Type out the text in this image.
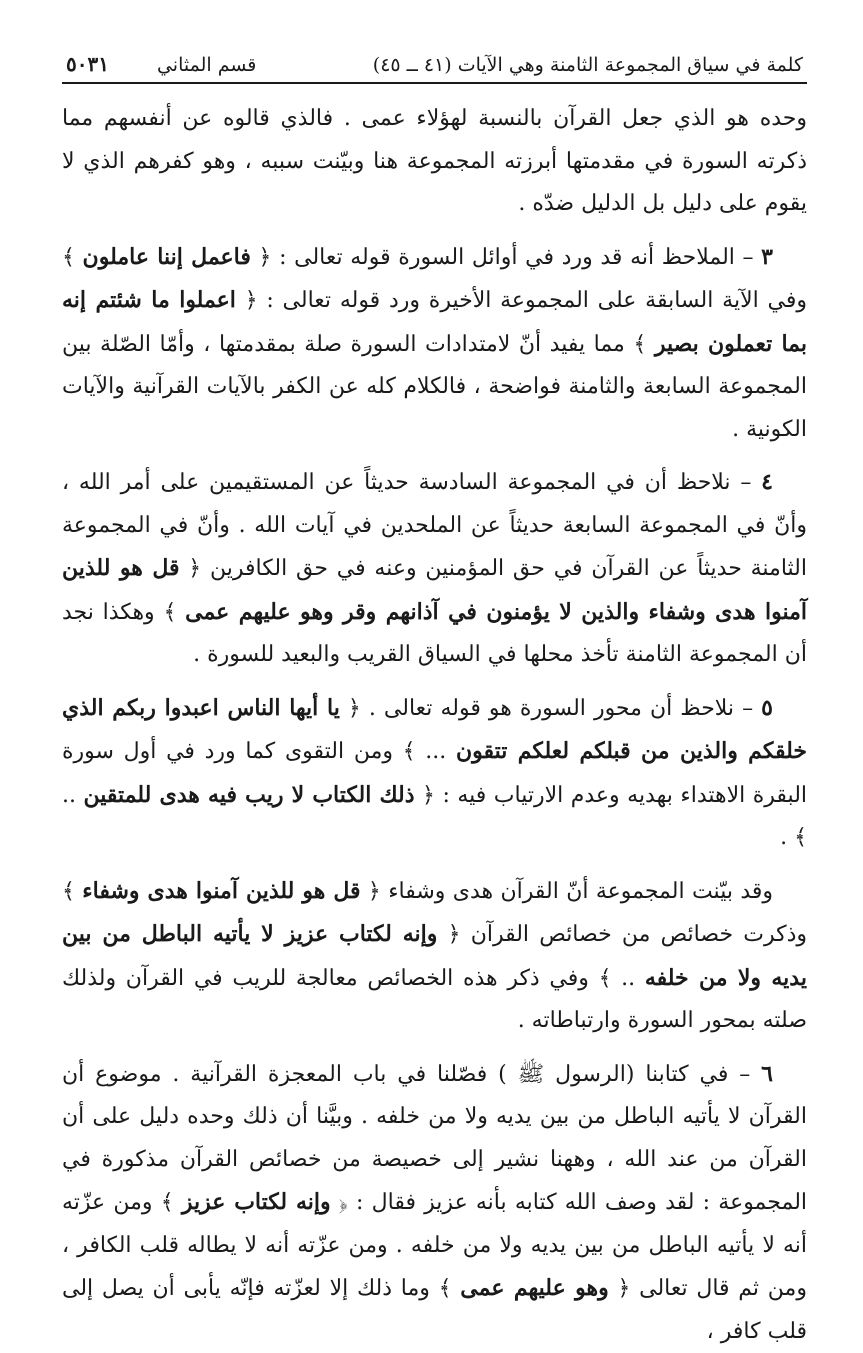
كلمة في سياق المجموعة الثامنة وهي الآيات (٤١ ــ ٤٥)
قسم المثاني
٥٠٣١

وحده هو الذي جعل القرآن بالنسبة لهؤلاء عمى . فالذي قالوه عن أنفسهم مما ذكرته السورة في مقدمتها أبرزته المجموعة هنا وبيّنت سببه ، وهو كفرهم الذي لا يقوم على دليل بل الدليل ضدّه .

٣ – الملاحظ أنه قد ورد في أوائل السورة قوله تعالى : ﴿ فاعمل إننا عاملون ﴾ وفي الآية السابقة على المجموعة الأخيرة ورد قوله تعالى : ﴿ اعملوا ما شئتم إنه بما تعملون بصير ﴾ مما يفيد أنّ لامتدادات السورة صلة بمقدمتها ، وأمّا الصّلة بين المجموعة السابعة والثامنة فواضحة ، فالكلام كله عن الكفر بالآيات القرآنية والآيات الكونية .

٤ – نلاحظ أن في المجموعة السادسة حديثاً عن المستقيمين على أمر الله ، وأنّ في المجموعة السابعة حديثاً عن الملحدين في آيات الله . وأنّ في المجموعة الثامنة حديثاً عن القرآن في حق المؤمنين وعنه في حق الكافرين ﴿ قل هو للذين آمنوا هدى وشفاء والذين لا يؤمنون في آذانهم وقر وهو عليهم عمى ﴾ وهكذا نجد أن المجموعة الثامنة تأخذ محلها في السياق القريب والبعيد للسورة .

٥ – نلاحظ أن محور السورة هو قوله تعالى . ﴿ يا أيها الناس اعبدوا ربكم الذي خلقكم والذين من قبلكم لعلكم تتقون ... ﴾ ومن التقوى كما ورد في أول سورة البقرة الاهتداء بهديه وعدم الارتياب فيه : ﴿ ذلك الكتاب لا ريب فيه هدى للمتقين .. ﴾ .

وقد بيّنت المجموعة أنّ القرآن هدى وشفاء ﴿ قل هو للذين آمنوا هدى وشفاء ﴾ وذكرت خصائص من خصائص القرآن ﴿ وإنه لكتاب عزيز لا يأتيه الباطل من بين يديه ولا من خلفه .. ﴾ وفي ذكر هذه الخصائص معالجة للريب في القرآن ولذلك صلته بمحور السورة وارتباطاته .

٦ – في كتابنا (الرسول ﷺ ) فصّلنا في باب المعجزة القرآنية . موضوع أن القرآن لا يأتيه الباطل من بين يديه ولا من خلفه . وبيَّنا أن ذلك وحده دليل على أن القرآن من عند الله ، وههنا نشير إلى خصيصة من خصائص القرآن مذكورة في المجموعة : لقد وصف الله كتابه بأنه عزيز فقال : ﴿ وإنه لكتاب عزيز ﴾ ومن عزّته أنه لا يأتيه الباطل من بين يديه ولا من خلفه . ومن عزّته أنه لا يطاله قلب الكافر ، ومن ثم قال تعالى ﴿ وهو عليهم عمى ﴾ وما ذلك إلا لعزّته فإنّه يأبى أن يصل إلى قلب كافر ،
